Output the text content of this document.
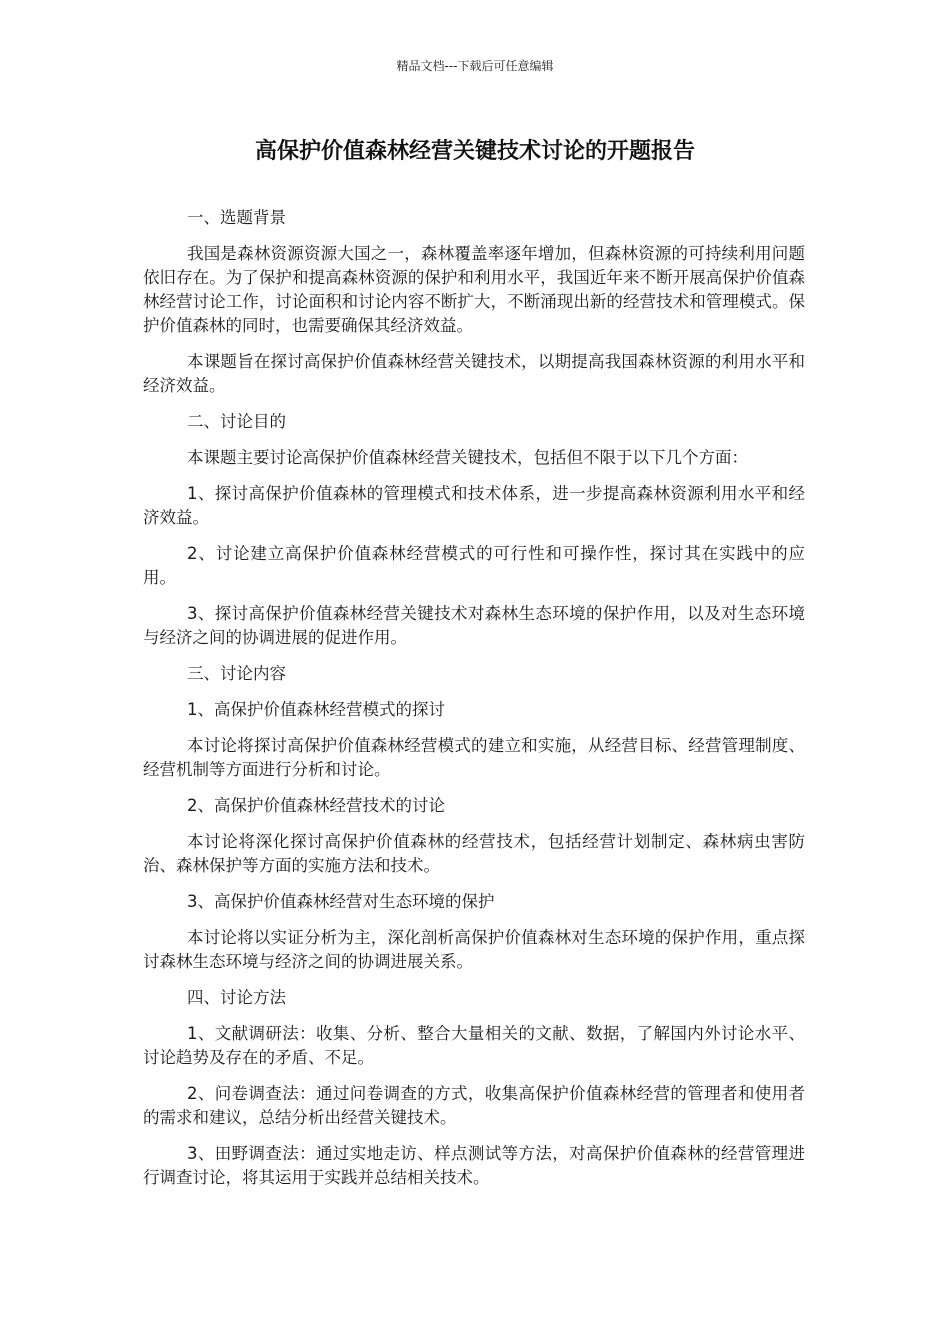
精品文档---下载后可任意编辑
高保护价值森林经营关键技术讨论的开题报告

一、选题背景

我国是森林资源资源大国之一，森林覆盖率逐年增加，但森林资源的可持续利用问题依旧存在。为了保护和提高森林资源的保护和利用水平，我国近年来不断开展高保护价值森林经营讨论工作，讨论面积和讨论内容不断扩大，不断涌现出新的经营技术和管理模式。保护价值森林的同时，也需要确保其经济效益。

本课题旨在探讨高保护价值森林经营关键技术，以期提高我国森林资源的利用水平和经济效益。

二、讨论目的

本课题主要讨论高保护价值森林经营关键技术，包括但不限于以下几个方面：

1、探讨高保护价值森林的管理模式和技术体系，进一步提高森林资源利用水平和经济效益。

2、讨论建立高保护价值森林经营模式的可行性和可操作性，探讨其在实践中的应用。

3、探讨高保护价值森林经营关键技术对森林生态环境的保护作用，以及对生态环境与经济之间的协调进展的促进作用。

三、讨论内容

1、高保护价值森林经营模式的探讨

本讨论将探讨高保护价值森林经营模式的建立和实施，从经营目标、经营管理制度、经营机制等方面进行分析和讨论。

2、高保护价值森林经营技术的讨论

本讨论将深化探讨高保护价值森林的经营技术，包括经营计划制定、森林病虫害防治、森林保护等方面的实施方法和技术。

3、高保护价值森林经营对生态环境的保护

本讨论将以实证分析为主，深化剖析高保护价值森林对生态环境的保护作用，重点探讨森林生态环境与经济之间的协调进展关系。

四、讨论方法

1、文献调研法：收集、分析、整合大量相关的文献、数据，了解国内外讨论水平、讨论趋势及存在的矛盾、不足。

2、问卷调查法：通过问卷调查的方式，收集高保护价值森林经营的管理者和使用者的需求和建议，总结分析出经营关键技术。

3、田野调查法：通过实地走访、样点测试等方法，对高保护价值森林的经营管理进行调查讨论，将其运用于实践并总结相关技术。
